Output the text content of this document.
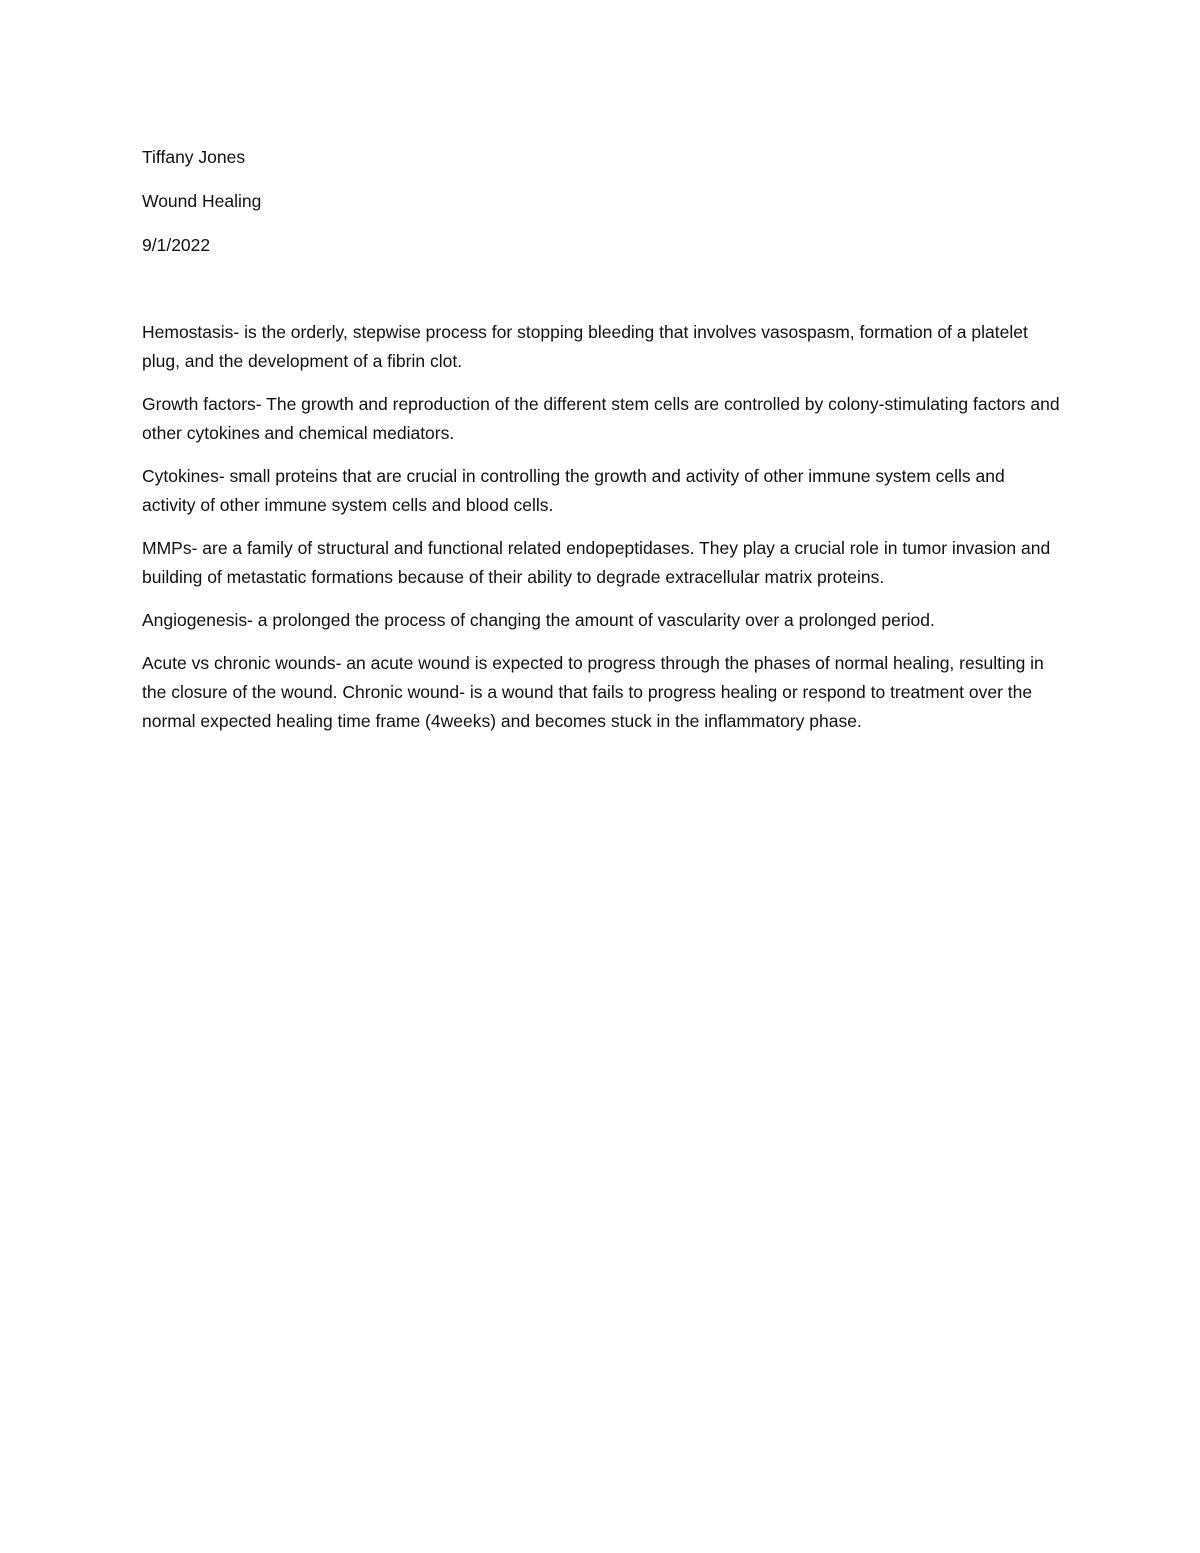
Tiffany Jones

Wound Healing

9/1/2022

Hemostasis- is the orderly, stepwise process for stopping bleeding that involves vasospasm, formation of a platelet plug, and the development of a fibrin clot.

Growth factors- The growth and reproduction of the different stem cells are controlled by colony-stimulating factors and other cytokines and chemical mediators.

Cytokines- small proteins that are crucial in controlling the growth and activity of other immune system cells and activity of other immune system cells and blood cells.

MMPs- are a family of structural and functional related endopeptidases. They play a crucial role in tumor invasion and building of metastatic formations because of their ability to degrade extracellular matrix proteins.

Angiogenesis- a prolonged the process of changing the amount of vascularity over a prolonged period.

Acute vs chronic wounds- an acute wound is expected to progress through the phases of normal healing, resulting in the closure of the wound. Chronic wound- is a wound that fails to progress healing or respond to treatment over the normal expected healing time frame (4weeks) and becomes stuck in the inflammatory phase.
